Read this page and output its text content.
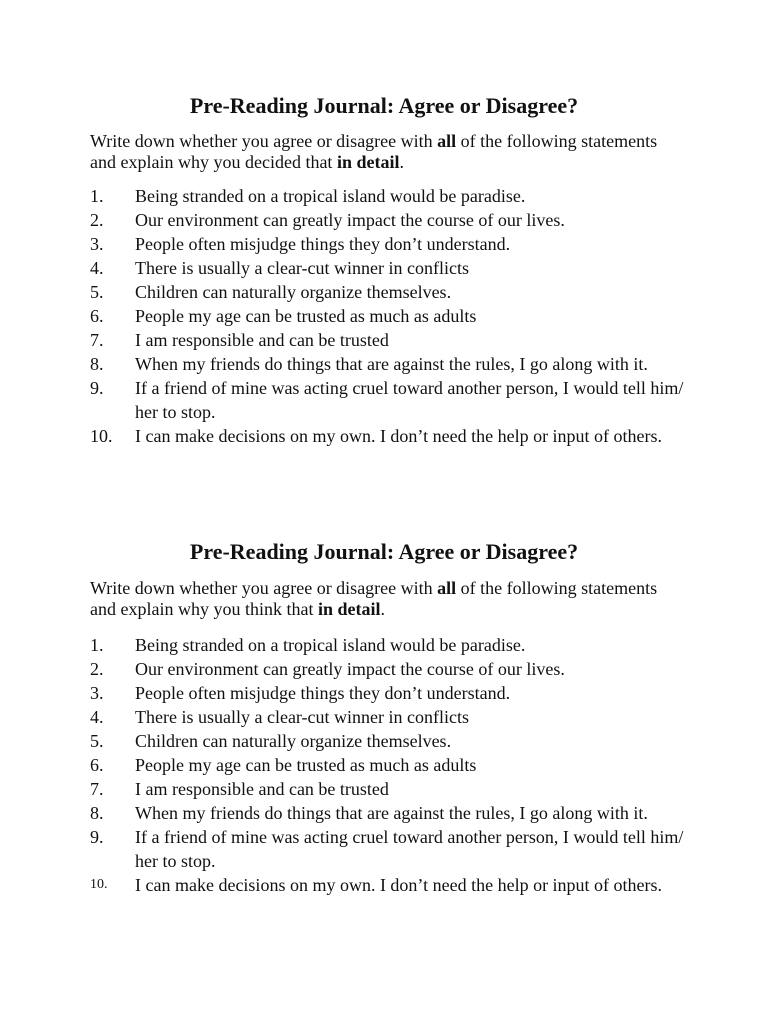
Pre-Reading Journal: Agree or Disagree?

Write down whether you agree or disagree with all of the following statements and explain why you decided that in detail.

1.	Being stranded on a tropical island would be paradise.
2.	Our environment can greatly impact the course of our lives.
3.	People often misjudge things they don’t understand.
4.	There is usually a clear-cut winner in conflicts
5.	Children can naturally organize themselves.
6.	People my age can be trusted as much as adults
7.	I am responsible and can be trusted
8.	When my friends do things that are against the rules, I go along with it.
9.	If a friend of mine was acting cruel toward another person, I would tell him/ her to stop.
10.	I can make decisions on my own. I don’t need the help or input of others.
Pre-Reading Journal: Agree or Disagree?

Write down whether you agree or disagree with all of the following statements and explain why you think that in detail.

1.	Being stranded on a tropical island would be paradise.
2.	Our environment can greatly impact the course of our lives.
3.	People often misjudge things they don’t understand.
4.	There is usually a clear-cut winner in conflicts
5.	Children can naturally organize themselves.
6.	People my age can be trusted as much as adults
7.	I am responsible and can be trusted
8.	When my friends do things that are against the rules, I go along with it.
9.	If a friend of mine was acting cruel toward another person, I would tell him/ her to stop.
10.	I can make decisions on my own. I don’t need the help or input of others.
